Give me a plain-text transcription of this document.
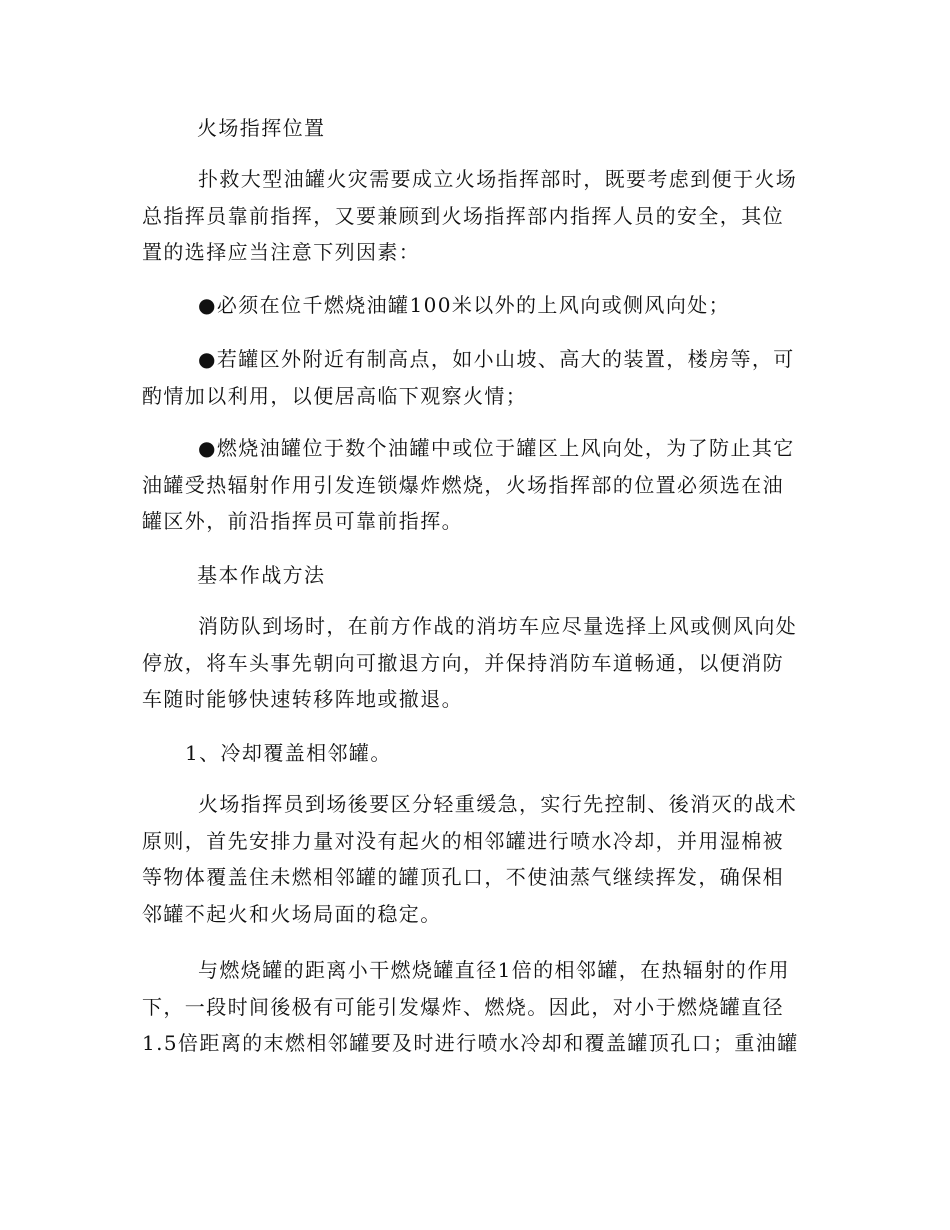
火场指挥位置
扑救大型油罐火灾需要成立火场指挥部时，既要考虑到便于火场
总指挥员靠前指挥，又要兼顾到火场指挥部内指挥人员的安全，其位
置的选择应当注意下列因素：
●必须在位千燃烧油罐100米以外的上风向或侧风向处；
●若罐区外附近有制高点，如小山坡、高大的装置，楼房等，可
酌情加以利用，以便居高临下观察火情；
●燃烧油罐位于数个油罐中或位于罐区上风向处，为了防止其它
油罐受热辐射作用引发连锁爆炸燃烧，火场指挥部的位置必须选在油
罐区外，前沿指挥员可靠前指挥。
基本作战方法
消防队到场时，在前方作战的消坊车应尽量选择上风或侧风向处
停放，将车头事先朝向可撤退方向，并保持消防车道畅通，以便消防
车随时能够快速转移阵地或撤退。
1、冷却覆盖相邻罐。
火场指挥员到场後要区分轻重缓急，实行先控制、後消灭的战术
原则，首先安排力量对没有起火的相邻罐进行喷水冷却，并用湿棉被
等物体覆盖住未燃相邻罐的罐顶孔口，不使油蒸气继续挥发，确保相
邻罐不起火和火场局面的稳定。
与燃烧罐的距离小干燃烧罐直径1倍的相邻罐，在热辐射的作用
下，一段时间後极有可能引发爆炸、燃烧。因此，对小于燃烧罐直径
1.5倍距离的末燃相邻罐要及时进行喷水冷却和覆盖罐顶孔口；重油罐
